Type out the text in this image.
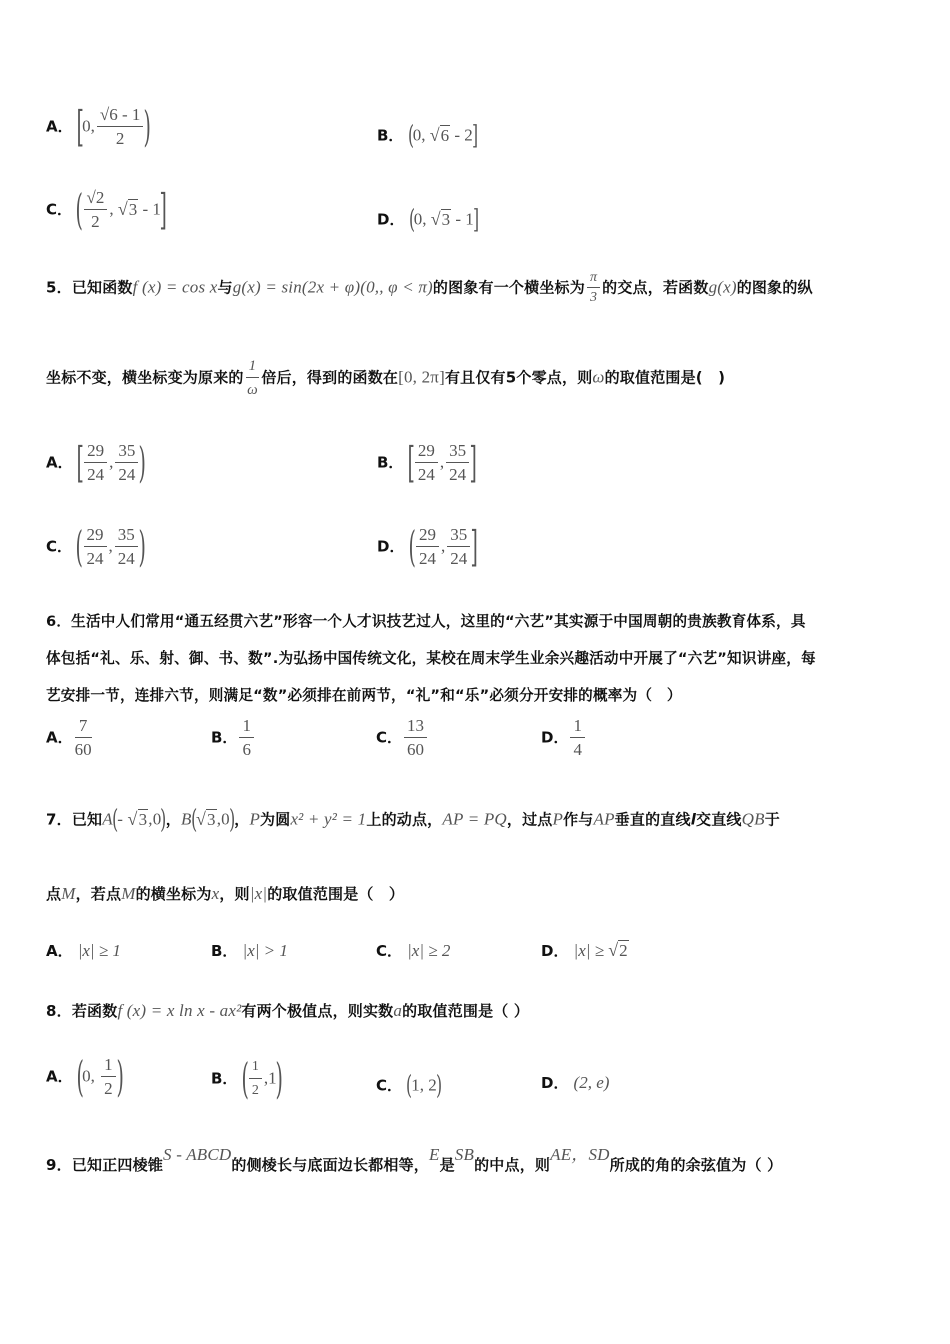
A． [0, $\frac{√6 - 1}{2}$ )	B． (0, √6 - 2]
C． ( $\frac{√2}{2}$ , √3 - 1]	D． (0, √3 - 1]
5．已知函数f (x) = cos x与g(x) = sin(2x + φ)(0,, φ < π)的图象有一个横坐标为 $\frac{\pi}{3}$ 的交点，若函数g(x)的图象的纵
坐标不变，横坐标变为原来的 $\frac{1}{\omega}$ 倍后，得到的函数在[0, 2π]有且仅有5个零点，则ω的取值范围是(　)
A． [ $\frac{29}{24}$ , $\frac{35}{24}$ )	B． [ $\frac{29}{24}$ , $\frac{35}{24}$ ]
C． ( $\frac{29}{24}$ , $\frac{35}{24}$ )	D． ( $\frac{29}{24}$ , $\frac{35}{24}$ ]
6．生活中人们常用“通五经贯六艺”形容一个人才识技艺过人，这里的“六艺”其实源于中国周朝的贵族教育体系，具
体包括“礼、乐、射、御、书、数”.为弘扬中国传统文化，某校在周末学生业余兴趣活动中开展了“六艺”知识讲座，每
艺安排一节，连排六节，则满足“数”必须排在前两节，“礼”和“乐”必须分开安排的概率为（　）
A． $\frac{7}{60}$	B． $\frac{1}{6}$	C． $\frac{13}{60}$	D． $\frac{1}{4}$
7．已知A(- √3,0)，B(√3,0)，P为圆x² + y² = 1上的动点，AP = PQ，过点P作与AP垂直的直线l交直线QB于
点M，若点M的横坐标为x，则|x|的取值范围是（　）
A． |x| ≥ 1	B． |x| > 1	C． |x| ≥ 2	D． |x| ≥ √2
8．若函数f (x) = x ln x - ax²有两个极值点，则实数a的取值范围是（ ）
A． (0, $\frac{1}{2}$ )	B． ( $\frac{1}{2} ,1$)	C． (1, 2)	D． (2, e)
9．已知正四棱锥S - ABCD的侧棱长与底面边长都相等，E是SB的中点，则AE，SD所成的角的余弦值为（ ）
